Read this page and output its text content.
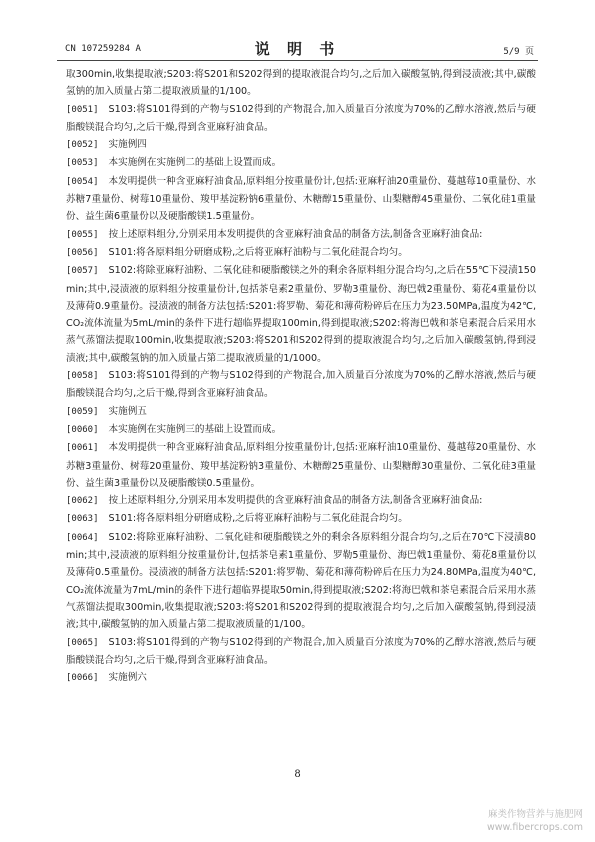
CN 107259284 A	说 明 书	5/9 页

取300min,收集提取液;S203:将S201和S202得到的提取液混合均匀,之后加入碳酸氢钠,得到浸渍液;其中,碳酸氢钠的加入质量占第二提取液质量的1/100。

[0051] S103:将S101得到的产物与S102得到的产物混合,加入质量百分浓度为70%的乙醇水溶液,然后与硬脂酸镁混合均匀,之后干燥,得到含亚麻籽油食品。

[0052] 实施例四

[0053] 本实施例在实施例二的基础上设置而成。

[0054] 本发明提供一种含亚麻籽油食品,原料组分按重量份计,包括:亚麻籽油20重量份、蔓越莓10重量份、水苏糖7重量份、树莓10重量份、羧甲基淀粉钠6重量份、木糖醇15重量份、山梨糖醇45重量份、二氧化硅1重量份、益生菌6重量份以及硬脂酸镁1.5重量份。

[0055] 按上述原料组分,分别采用本发明提供的含亚麻籽油食品的制备方法,制备含亚麻籽油食品:

[0056] S101:将各原料组分研磨成粉,之后将亚麻籽油粉与二氧化硅混合均匀。

[0057] S102:将除亚麻籽油粉、二氧化硅和硬脂酸镁之外的剩余各原料组分混合均匀,之后在55℃下浸渍150min;其中,浸渍液的原料组分按重量份计,包括茶皂素2重量份、罗勒3重量份、海巴戟2重量份、菊花4重量份以及薄荷0.9重量份。浸渍液的制备方法包括:S201:将罗勒、菊花和薄荷粉碎后在压力为23.50MPa,温度为42℃,CO₂流体流量为5mL/min的条件下进行超临界提取100min,得到提取液;S202:将海巴戟和茶皂素混合后采用水蒸气蒸馏法提取100min,收集提取液;S203:将S201和S202得到的提取液混合均匀,之后加入碳酸氢钠,得到浸渍液;其中,碳酸氢钠的加入质量占第二提取液质量的1/1000。

[0058] S103:将S101得到的产物与S102得到的产物混合,加入质量百分浓度为70%的乙醇水溶液,然后与硬脂酸镁混合均匀,之后干燥,得到含亚麻籽油食品。

[0059] 实施例五

[0060] 本实施例在实施例三的基础上设置而成。

[0061] 本发明提供一种含亚麻籽油食品,原料组分按重量份计,包括:亚麻籽油10重量份、蔓越莓20重量份、水苏糖3重量份、树莓20重量份、羧甲基淀粉钠3重量份、木糖醇25重量份、山梨糖醇30重量份、二氧化硅3重量份、益生菌3重量份以及硬脂酸镁0.5重量份。

[0062] 按上述原料组分,分别采用本发明提供的含亚麻籽油食品的制备方法,制备含亚麻籽油食品:

[0063] S101:将各原料组分研磨成粉,之后将亚麻籽油粉与二氧化硅混合均匀。

[0064] S102:将除亚麻籽油粉、二氧化硅和硬脂酸镁之外的剩余各原料组分混合均匀,之后在70℃下浸渍80min;其中,浸渍液的原料组分按重量份计,包括茶皂素1重量份、罗勒5重量份、海巴戟1重量份、菊花8重量份以及薄荷0.5重量份。浸渍液的制备方法包括:S201:将罗勒、菊花和薄荷粉碎后在压力为24.80MPa,温度为40℃,CO₂流体流量为7mL/min的条件下进行超临界提取50min,得到提取液;S202:将海巴戟和茶皂素混合后采用水蒸气蒸馏法提取300min,收集提取液;S203:将S201和S202得到的提取液混合均匀,之后加入碳酸氢钠,得到浸渍液;其中,碳酸氢钠的加入质量占第二提取液质量的1/100。

[0065] S103:将S101得到的产物与S102得到的产物混合,加入质量百分浓度为70%的乙醇水溶液,然后与硬脂酸镁混合均匀,之后干燥,得到含亚麻籽油食品。

[0066] 实施例六

8
麻类作物营养与施肥网
www.fibercrops.com
